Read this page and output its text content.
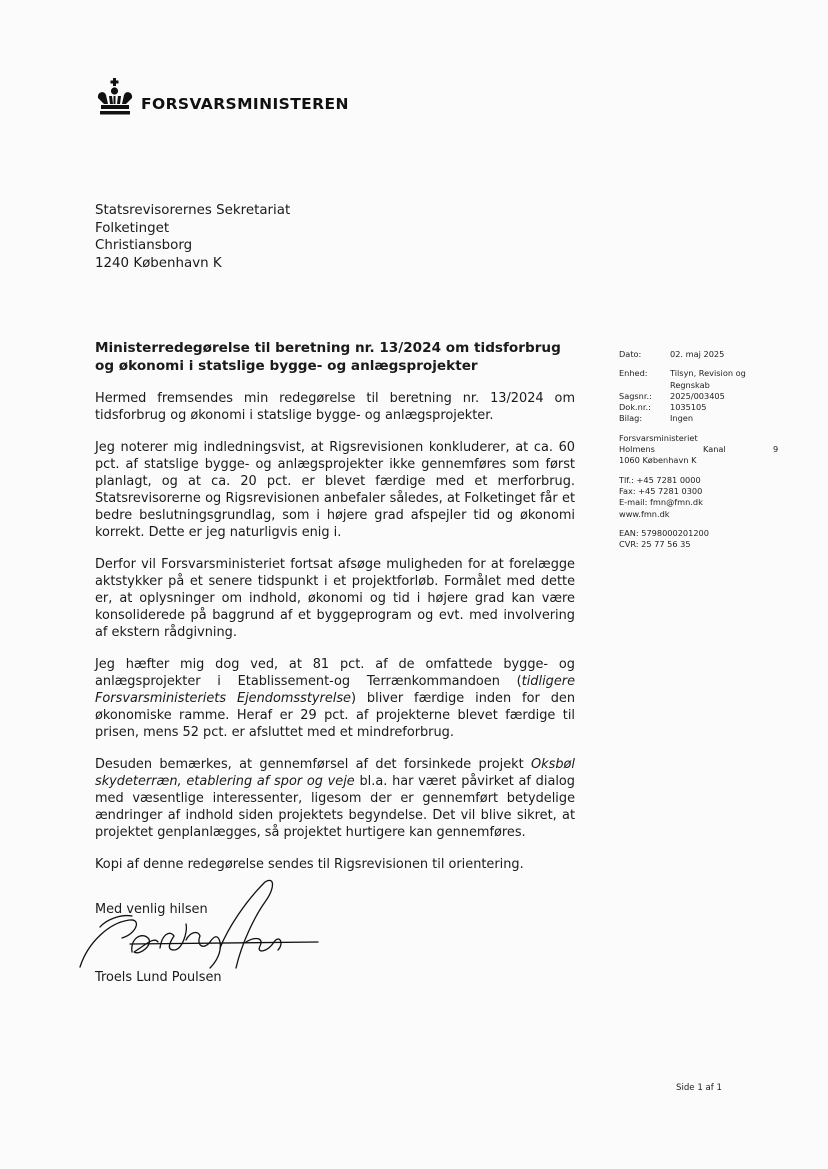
FORSVARSMINISTEREN
Statsrevisorernes Sekretariat
Folketinget
Christiansborg
1240 København K
Ministerredegørelse til beretning nr. 13/2024 om tidsforbrug og økonomi i statslige bygge- og anlægsprojekter

Hermed fremsendes min redegørelse til beretning nr. 13/2024 om tidsforbrug og økonomi i statslige bygge- og anlægsprojekter.

Jeg noterer mig indledningsvist, at Rigsrevisionen konkluderer, at ca. 60 pct. af statslige bygge- og anlægsprojekter ikke gennemføres som først planlagt, og at ca. 20 pct. er blevet færdige med et merforbrug. Statsrevisorerne og Rigsrevisionen anbefaler således, at Folketinget får et bedre beslutningsgrundlag, som i højere grad afspejler tid og økonomi korrekt. Dette er jeg naturligvis enig i.

Derfor vil Forsvarsministeriet fortsat afsøge muligheden for at forelægge aktstykker på et senere tidspunkt i et projektforløb. Formålet med dette er, at oplysninger om indhold, økonomi og tid i højere grad kan være konsoliderede på baggrund af et byggeprogram og evt. med involvering af ekstern rådgivning.

Jeg hæfter mig dog ved, at 81 pct. af de omfattede bygge- og anlægsprojekter i Etablissement-og Terrænkommandoen (tidligere Forsvarsministeriets Ejendomsstyrelse) bliver færdige inden for den økonomiske ramme. Heraf er 29 pct. af projekterne blevet færdige til prisen, mens 52 pct. er afsluttet med et mindreforbrug.

Desuden bemærkes, at gennemførsel af det forsinkede projekt Oksbøl skydeterræn, etablering af spor og veje bl.a. har været påvirket af dialog med væsentlige interessenter, ligesom der er gennemført betydelige ændringer af indhold siden projektets begyndelse. Det vil blive sikret, at projektet genplanlægges, så projektet hurtigere kan gennemføres.

Kopi af denne redegørelse sendes til Rigsrevisionen til orientering.

Med venlig hilsen
Troels Lund Poulsen
Dato:	02. maj 2025
Enhed:	Tilsyn, Revision og Regnskab
Sagsnr.:	2025/003405
Dok.nr.:	1035105
Bilag:	Ingen
Forsvarsministeriet
Holmens	Kanal	9
1060 København K
Tlf.: +45 7281 0000
Fax: +45 7281 0300
E-mail: fmn@fmn.dk
www.fmn.dk
EAN: 5798000201200
CVR: 25 77 56 35
Side 1 af 1
